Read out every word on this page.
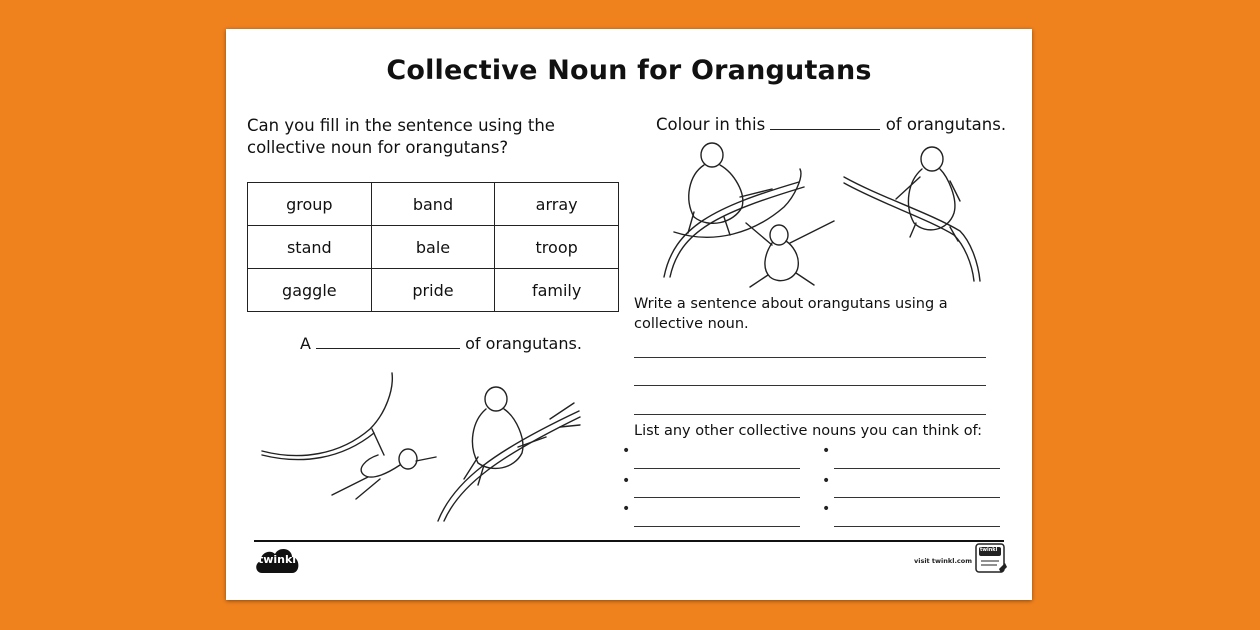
Collective Noun for Orangutans
Can you fill in the sentence using the collective noun for orangutans?
group	band	array
stand	bale	troop
gaggle	pride	family
A	of orangutans.
Colour in this	of orangutans.
Write a sentence about orangutans using a collective noun.
List any other collective nouns you can think of:
•	•
•	•
•	•
twinkl	visit twinkl.com
twinkl
